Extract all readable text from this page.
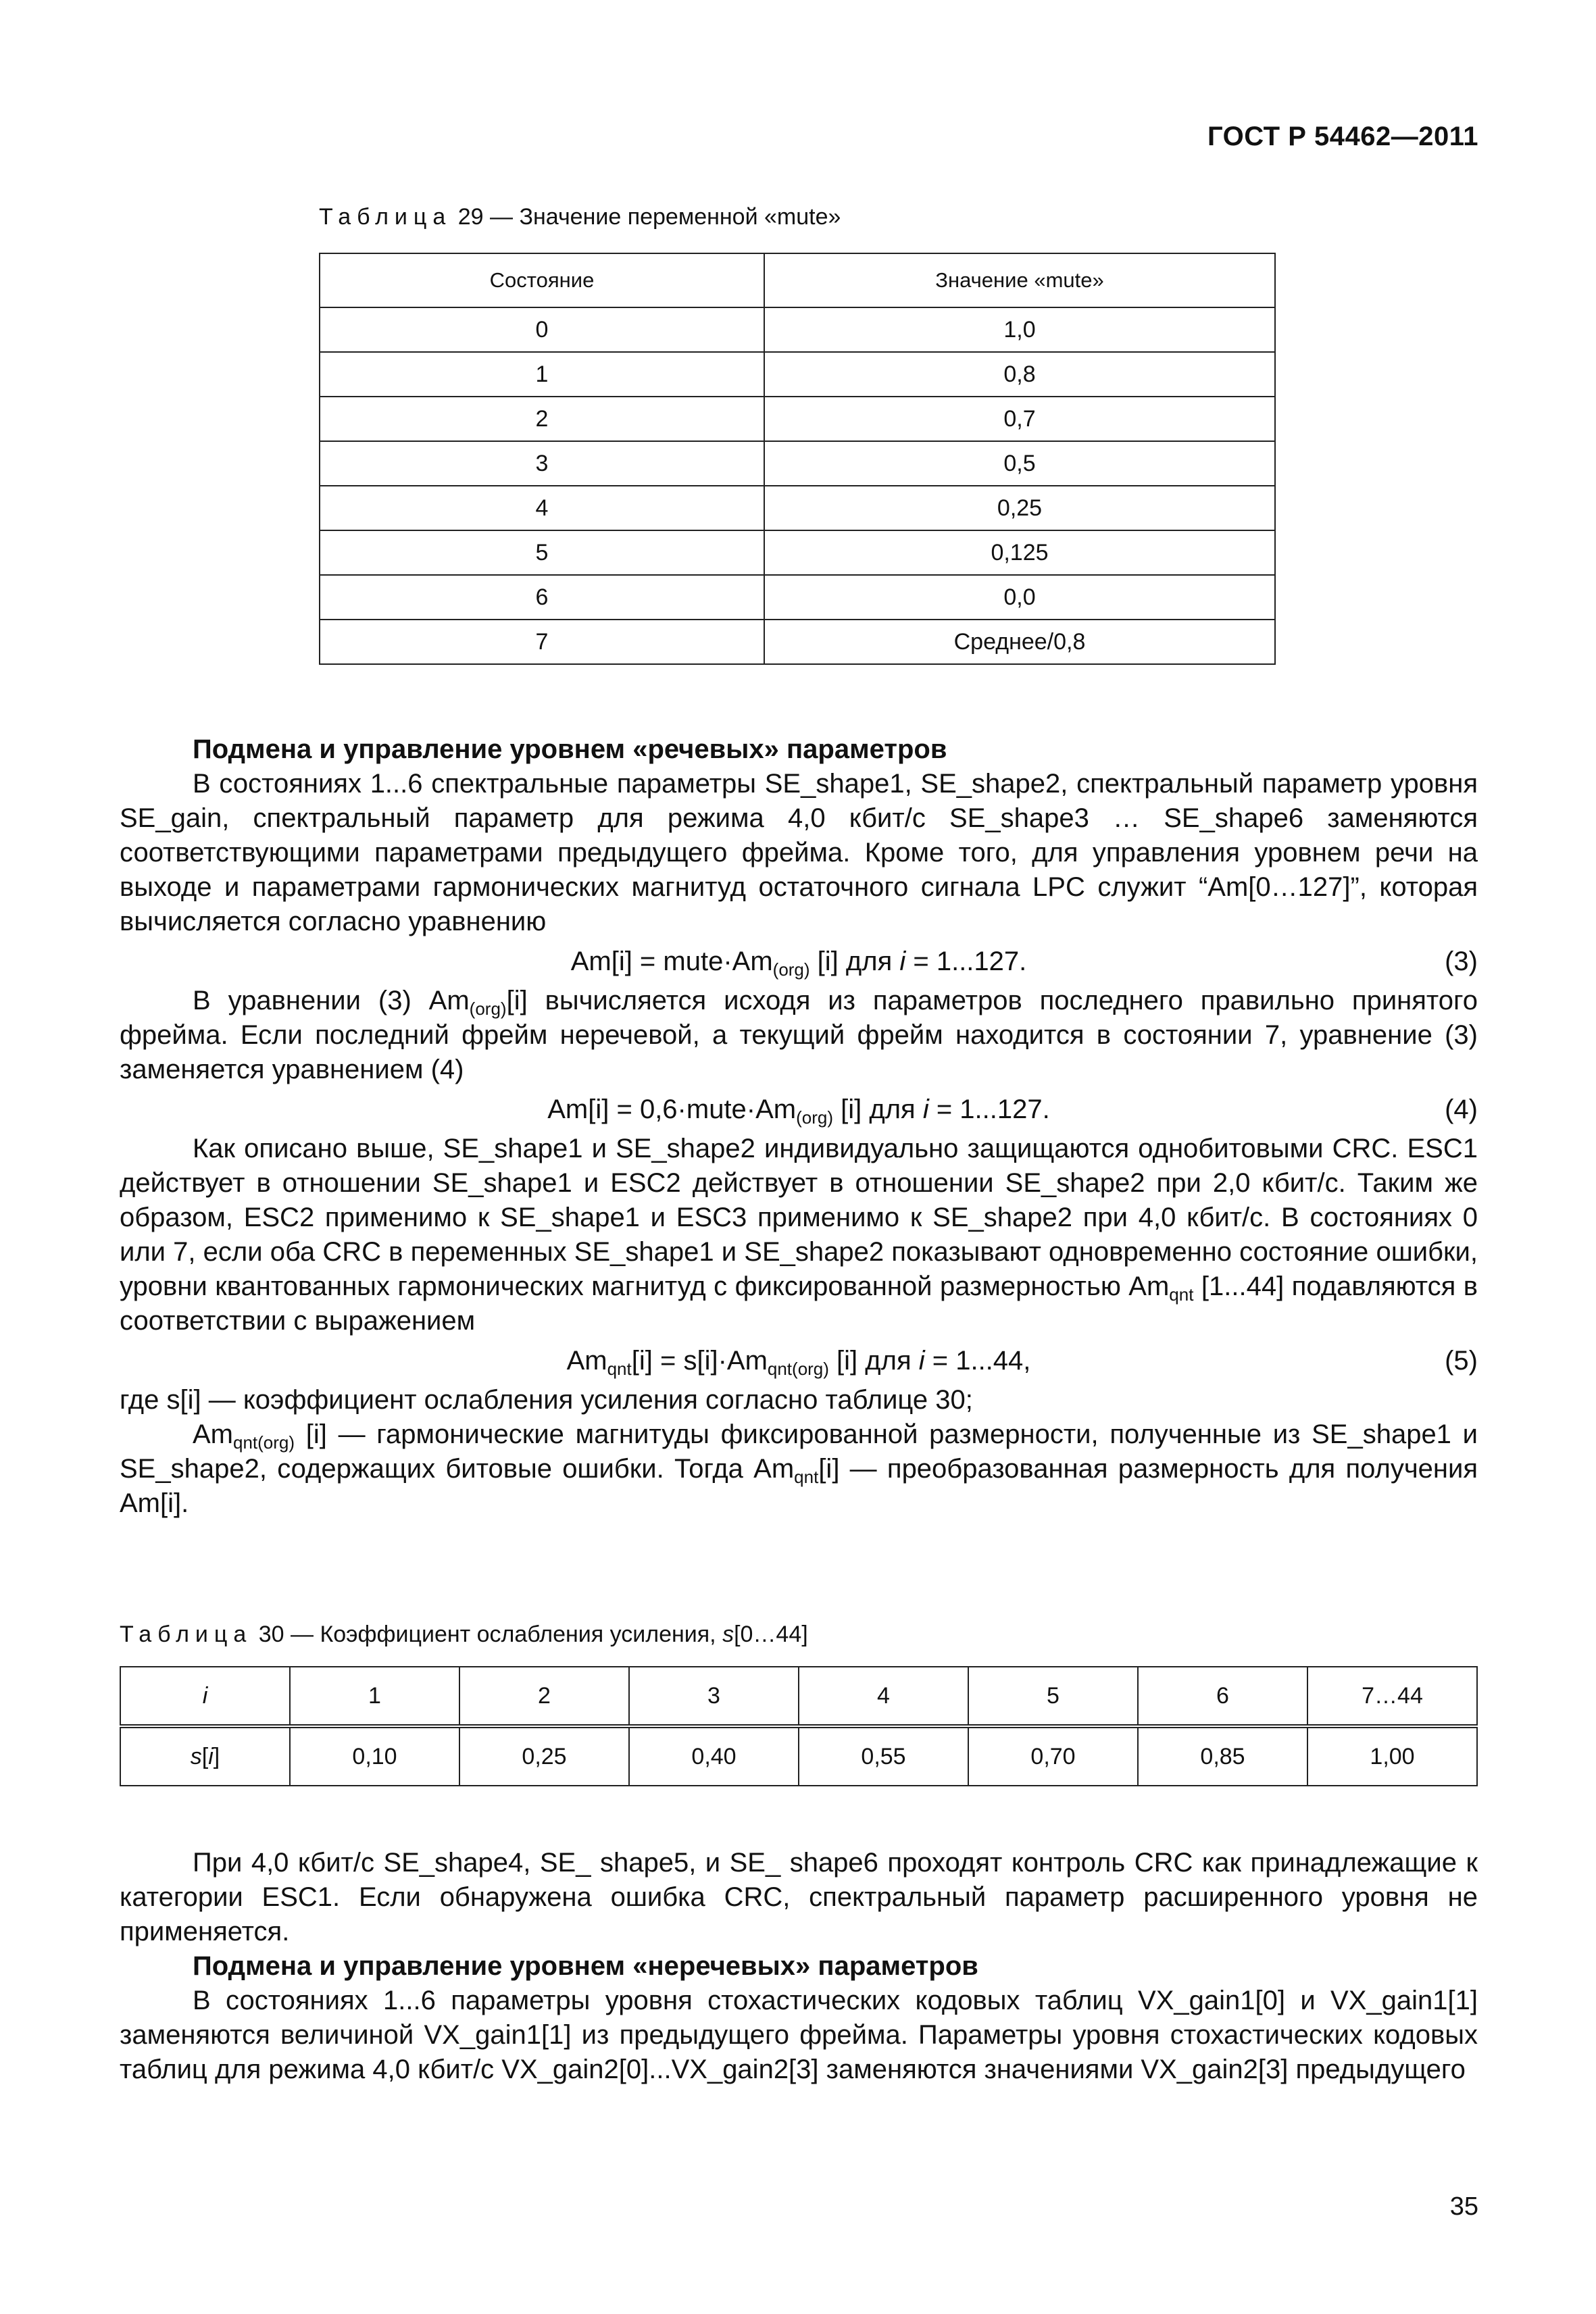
ГОСТ Р 54462—2011
Таблица 29 — Значение переменной «mute»
Состояние	Значение «mute»
0	1,0
1	0,8
2	0,7
3	0,5
4	0,25
5	0,125
6	0,0
7	Среднее/0,8
Подмена и управление уровнем «речевых» параметров

В состояниях 1...6 спектральные параметры SE_shape1, SE_shape2, спектральный параметр уровня SE_gain, спектральный параметр для режима 4,0 кбит/с SE_shape3 … SE_shape6 заменяются соответствующими параметрами предыдущего фрейма. Кроме того, для управления уровнем речи на выходе и параметрами гармонических магнитуд остаточного сигнала LPC служит “Am[0…127]”, которая вычисляется согласно уравнению

$Am[i] = mute\cdot Am_{(org)}$ [i] для i = 1...127.	(3)

В уравнении (3) $Am_{(org)}[i]$ вычисляется исходя из параметров последнего правильно принятого фрейма. Если последний фрейм неречевой, а текущий фрейм находится в состоянии 7, уравнение (3) заменяется уравнением (4)

$Am[i] = 0,6\cdot mute\cdot Am_{(org)}$ [i] для i = 1...127.	(4)

Как описано выше, SE_shape1 и SE_shape2 индивидуально защищаются однобитовыми CRC. ESC1 действует в отношении SE_shape1 и ESC2 действует в отношении SE_shape2 при 2,0 кбит/с. Таким же образом, ESC2 применимо к SE_shape1 и ESC3 применимо к SE_shape2 при 4,0 кбит/с. В состояниях 0 или 7, если оба CRC в переменных SE_shape1 и SE_shape2 показывают одновременно состояние ошибки, уровни квантованных гармонических магнитуд с фиксированной размерностью $Am_{qnt}$ [1...44] подавляются в соответствии с выражением

$Am_{qnt}[i] = s[i]\cdot Am_{qnt(org)}$ [i] для i = 1...44,	(5)

где s[i] — коэффициент ослабления усиления согласно таблице 30;

$Am_{qnt(org)}$ [i] — гармонические магнитуды фиксированной размерности, полученные из SE_shape1 и SE_shape2, содержащих битовые ошибки. Тогда $Am_{qnt}[i]$ — преобразованная размерность для получения Am[i].

Таблица 30 — Коэффициент ослабления усиления, s[0…44]
i	1	2	3	4	5	6	7…44
s[i]	0,10	0,25	0,40	0,55	0,70	0,85	1,00

При 4,0 кбит/с SE_shape4, SE_ shape5, и SE_ shape6 проходят контроль CRC как принадлежащие к категории ESC1. Если обнаружена ошибка CRC, спектральный параметр расширенного уровня не применяется.

Подмена и управление уровнем «неречевых» параметров

В состояниях 1...6 параметры уровня стохастических кодовых таблиц VX_gain1[0] и VX_gain1[1] заменяются величиной VX_gain1[1] из предыдущего фрейма. Параметры уровня стохастических кодовых таблиц для режима 4,0 кбит/с VX_gain2[0]...VX_gain2[3] заменяются значениями VX_gain2[3] предыдущего

35
